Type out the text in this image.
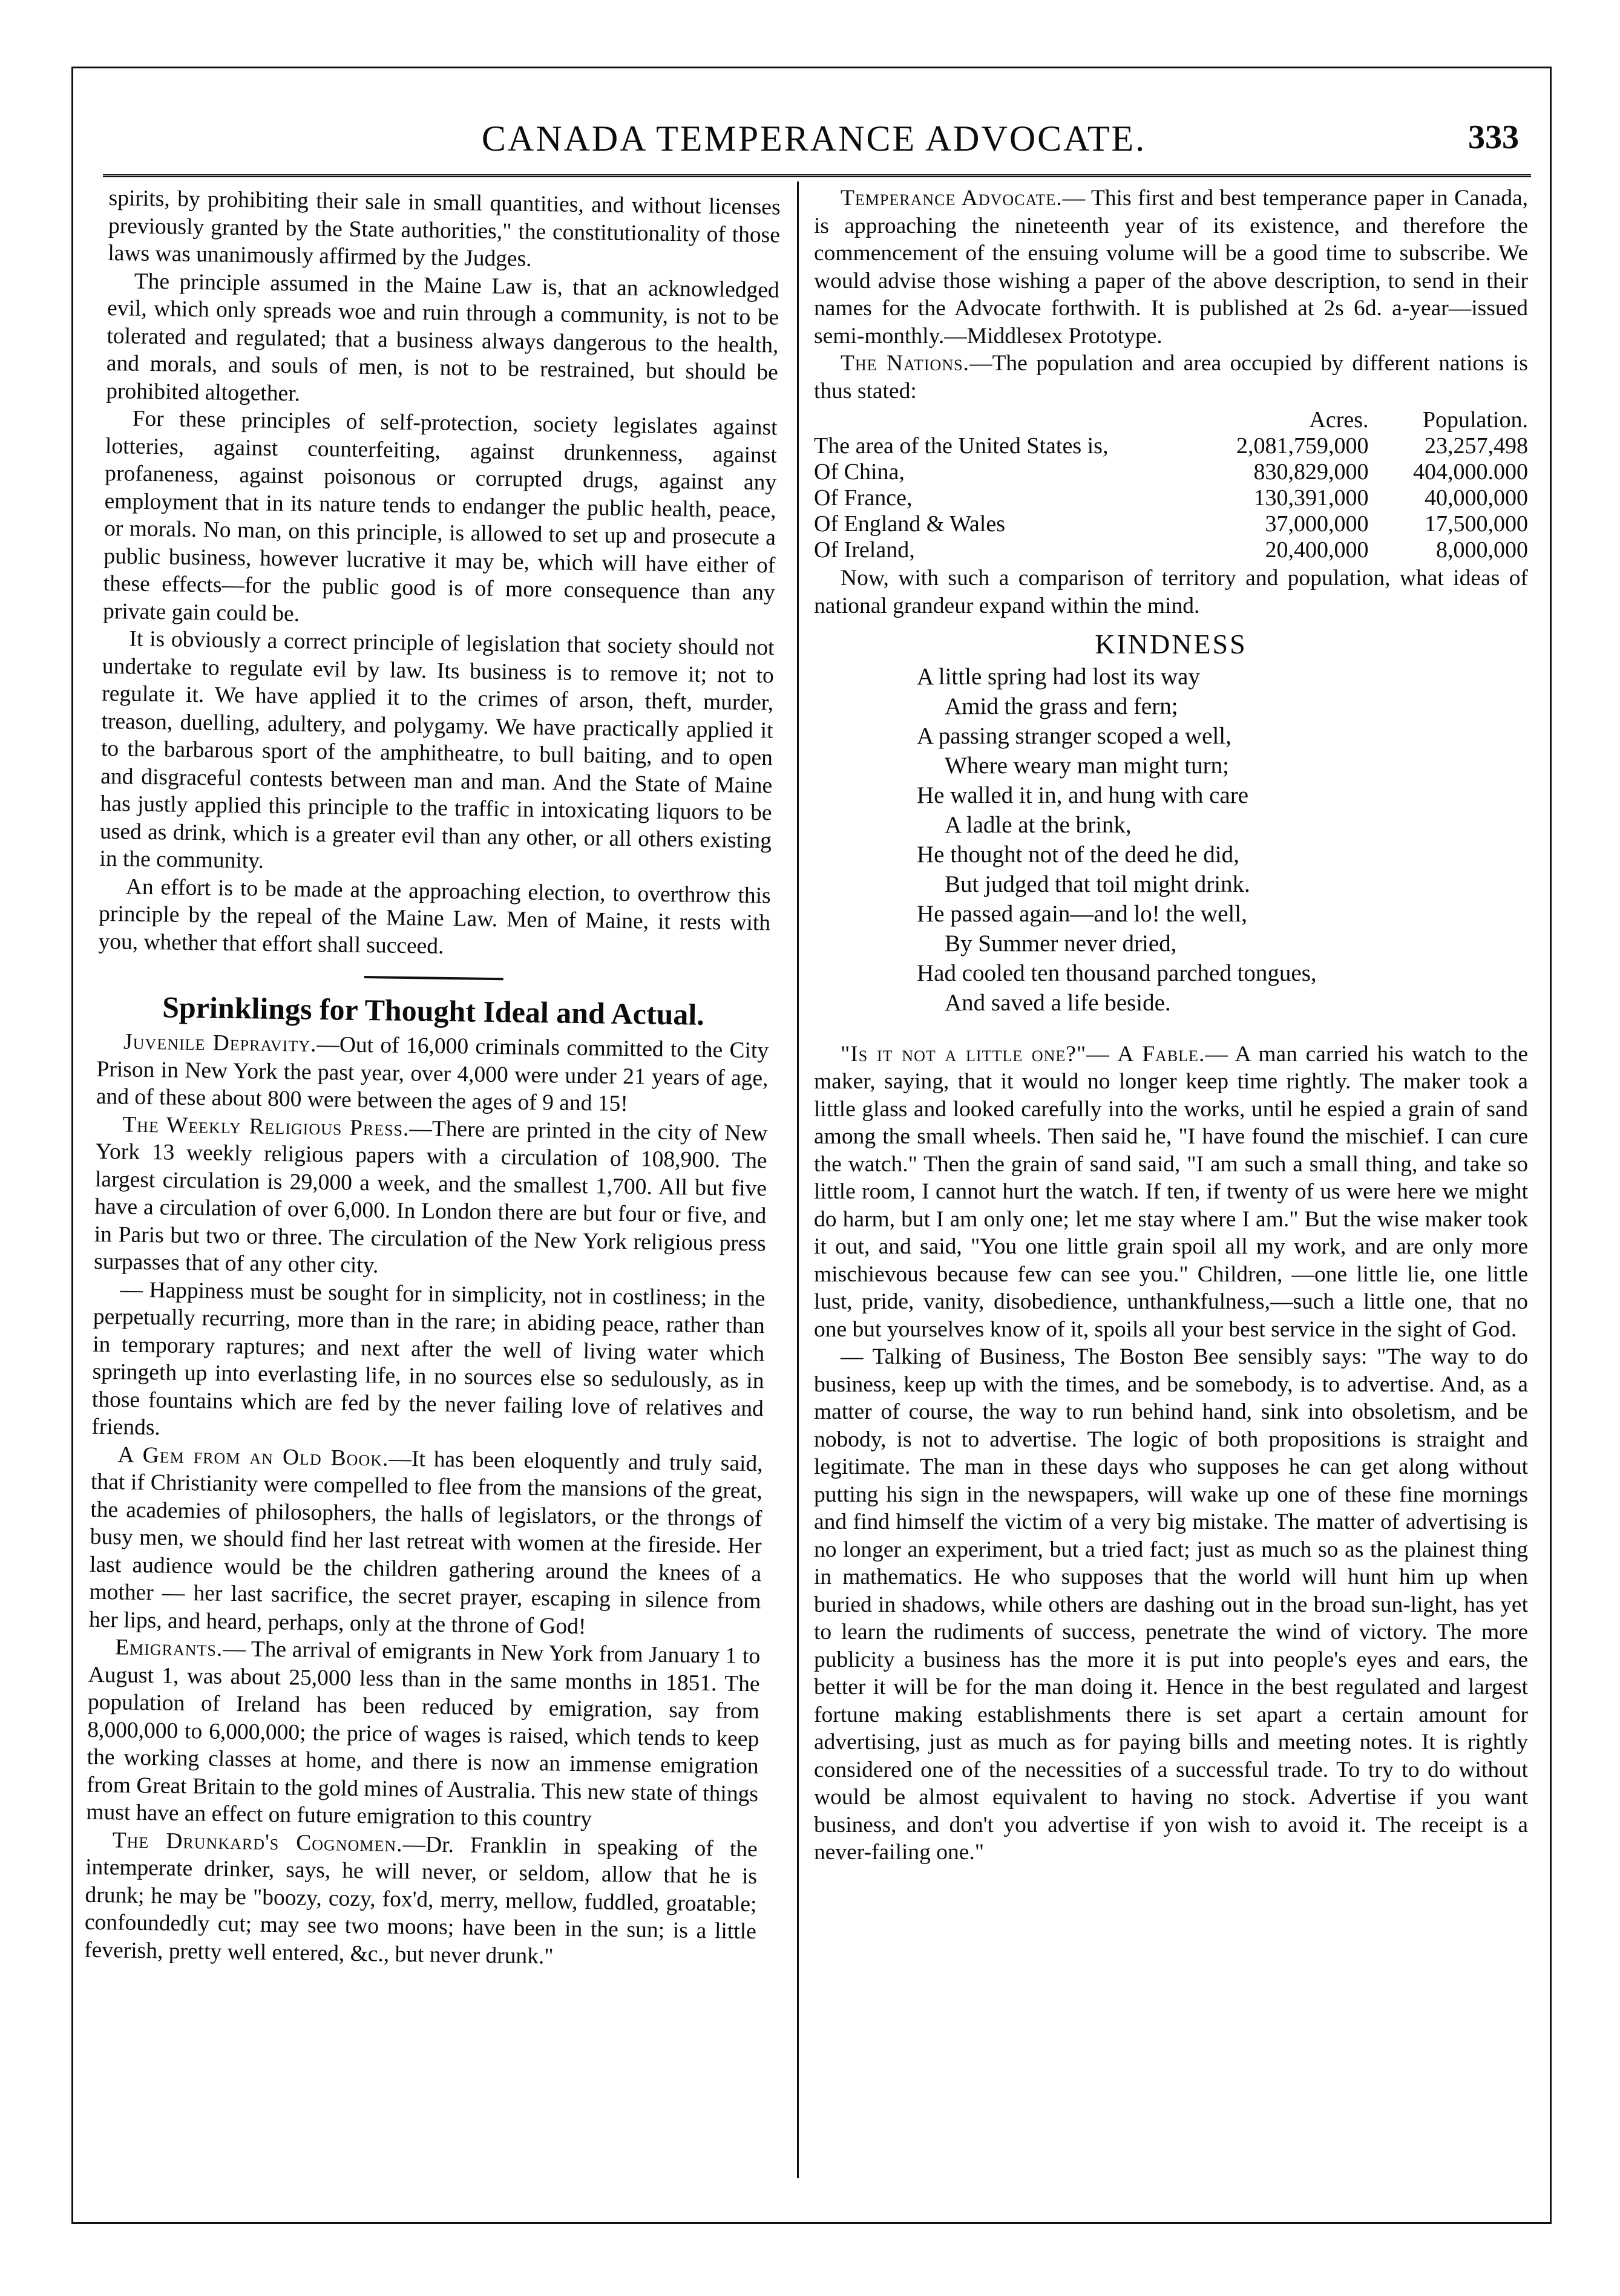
CANADA TEMPERANCE ADVOCATE.	333

spirits, by prohibiting their sale in small quantities, and without licenses previously granted by the State authorities," the constitutionality of those laws was unanimously affirmed by the Judges.

The principle assumed in the Maine Law is, that an acknowledged evil, which only spreads woe and ruin through a community, is not to be tolerated and regulated; that a business always dangerous to the health, and morals, and souls of men, is not to be restrained, but should be prohibited altogether.

For these principles of self-protection, society legislates against lotteries, against counterfeiting, against drunkenness, against profaneness, against poisonous or corrupted drugs, against any employment that in its nature tends to endanger the public health, peace, or morals. No man, on this principle, is allowed to set up and prosecute a public business, however lucrative it may be, which will have either of these effects—for the public good is of more consequence than any private gain could be.

It is obviously a correct principle of legislation that society should not undertake to regulate evil by law. Its business is to remove it; not to regulate it. We have applied it to the crimes of arson, theft, murder, treason, duelling, adultery, and polygamy. We have practically applied it to the barbarous sport of the amphitheatre, to bull baiting, and to open and disgraceful contests between man and man. And the State of Maine has justly applied this principle to the traffic in intoxicating liquors to be used as drink, which is a greater evil than any other, or all others existing in the community.

An effort is to be made at the approaching election, to overthrow this principle by the repeal of the Maine Law. Men of Maine, it rests with you, whether that effort shall succeed.

Sprinklings for Thought Ideal and Actual.

Juvenile Depravity.—Out of 16,000 criminals committed to the City Prison in New York the past year, over 4,000 were under 21 years of age, and of these about 800 were between the ages of 9 and 15!

The Weekly Religious Press.—There are printed in the city of New York 13 weekly religious papers with a circulation of 108,900. The largest circulation is 29,000 a week, and the smallest 1,700. All but five have a circulation of over 6,000. In London there are but four or five, and in Paris but two or three. The circulation of the New York religious press surpasses that of any other city.

— Happiness must be sought for in simplicity, not in costliness; in the perpetually recurring, more than in the rare; in abiding peace, rather than in temporary raptures; and next after the well of living water which springeth up into everlasting life, in no sources else so sedulously, as in those fountains which are fed by the never failing love of relatives and friends.

A Gem from an Old Book.—It has been eloquently and truly said, that if Christianity were compelled to flee from the mansions of the great, the academies of philosophers, the halls of legislators, or the throngs of busy men, we should find her last retreat with women at the fireside. Her last audience would be the children gathering around the knees of a mother — her last sacrifice, the secret prayer, escaping in silence from her lips, and heard, perhaps, only at the throne of God!

Emigrants.— The arrival of emigrants in New York from January 1 to August 1, was about 25,000 less than in the same months in 1851. The population of Ireland has been reduced by emigration, say from 8,000,000 to 6,000,000; the price of wages is raised, which tends to keep the working classes at home, and there is now an immense emigration from Great Britain to the gold mines of Australia. This new state of things must have an effect on future emigration to this country

The Drunkard's Cognomen.—Dr. Franklin in speaking of the intemperate drinker, says, he will never, or seldom, allow that he is drunk; he may be "boozy, cozy, fox'd, merry, mellow, fuddled, groatable; confoundedly cut; may see two moons; have been in the sun; is a little feverish, pretty well entered, &c., but never drunk."

Temperance Advocate.— This first and best temperance paper in Canada, is approaching the nineteenth year of its existence, and therefore the commencement of the ensuing volume will be a good time to subscribe. We would advise those wishing a paper of the above description, to send in their names for the Advocate forthwith. It is published at 2s 6d. a-year—issued semi-monthly.—Middlesex Prototype.

The Nations.—The population and area occupied by different nations is thus stated:

	Acres.	Population.
The area of the United States is,	2,081,759,000	23,257,498
Of China,	830,829,000	404,000.000
Of France,	130,391,000	40,000,000
Of England & Wales	37,000,000	17,500,000
Of Ireland,	20,400,000	8,000,000

Now, with such a comparison of territory and population, what ideas of national grandeur expand within the mind.

KINDNESS
A little spring had lost its way
Amid the grass and fern;
A passing stranger scoped a well,
Where weary man might turn;
He walled it in, and hung with care
A ladle at the brink,
He thought not of the deed he did,
But judged that toil might drink.
He passed again—and lo! the well,
By Summer never dried,
Had cooled ten thousand parched tongues,
And saved a life beside.

"Is it not a little one?"— A Fable.— A man carried his watch to the maker, saying, that it would no longer keep time rightly. The maker took a little glass and looked carefully into the works, until he espied a grain of sand among the small wheels. Then said he, "I have found the mischief. I can cure the watch." Then the grain of sand said, "I am such a small thing, and take so little room, I cannot hurt the watch. If ten, if twenty of us were here we might do harm, but I am only one; let me stay where I am." But the wise maker took it out, and said, "You one little grain spoil all my work, and are only more mischievous because few can see you." Children, —one little lie, one little lust, pride, vanity, disobedience, unthankfulness,—such a little one, that no one but yourselves know of it, spoils all your best service in the sight of God.

— Talking of Business, The Boston Bee sensibly says: "The way to do business, keep up with the times, and be somebody, is to advertise. And, as a matter of course, the way to run behind hand, sink into obsoletism, and be nobody, is not to advertise. The logic of both propositions is straight and legitimate. The man in these days who supposes he can get along without putting his sign in the newspapers, will wake up one of these fine mornings and find himself the victim of a very big mistake. The matter of advertising is no longer an experiment, but a tried fact; just as much so as the plainest thing in mathematics. He who supposes that the world will hunt him up when buried in shadows, while others are dashing out in the broad sun-light, has yet to learn the rudiments of success, penetrate the wind of victory. The more publicity a business has the more it is put into people's eyes and ears, the better it will be for the man doing it. Hence in the best regulated and largest fortune making establishments there is set apart a certain amount for advertising, just as much as for paying bills and meeting notes. It is rightly considered one of the necessities of a successful trade. To try to do without would be almost equivalent to having no stock. Advertise if you want business, and don't you advertise if yon wish to avoid it. The receipt is a never-failing one."
